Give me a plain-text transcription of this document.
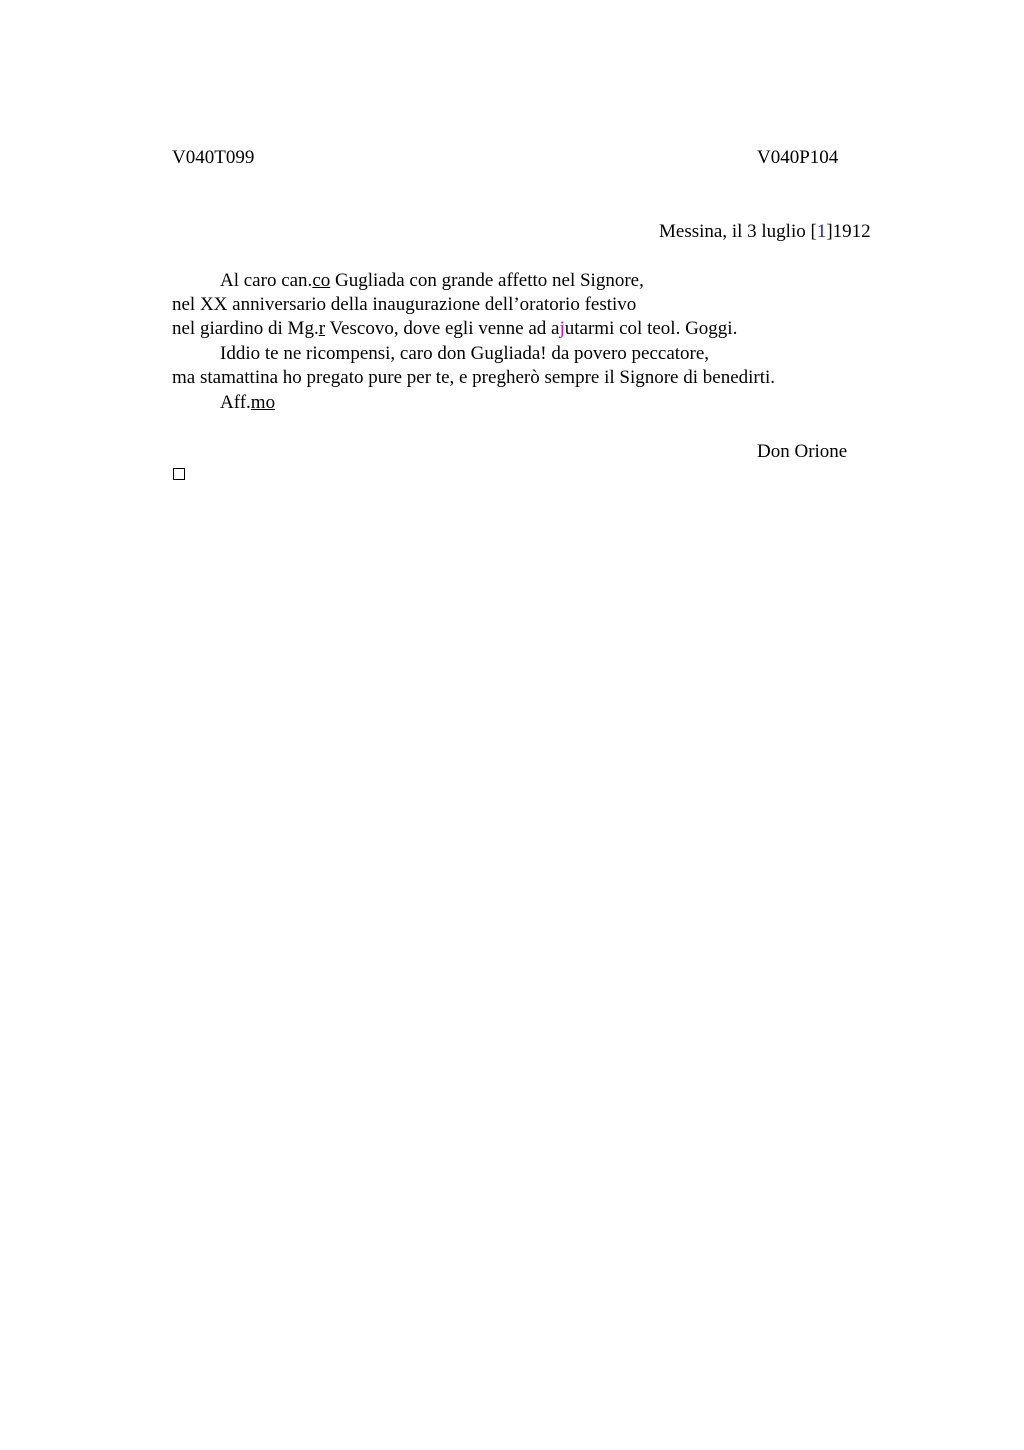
V040T099	V040P104
Messina, il 3 luglio [1]1912
Al caro can.co Gugliada con grande affetto nel Signore,
nel XX anniversario della inaugurazione dell’oratorio festivo
nel giardino di Mg.r Vescovo, dove egli venne ad ajutarmi col teol. Goggi.
Iddio te ne ricompensi, caro don Gugliada! da povero peccatore,
ma stamattina ho pregato pure per te, e pregherò sempre il Signore di benedirti.
Aff.mo
Don Orione
